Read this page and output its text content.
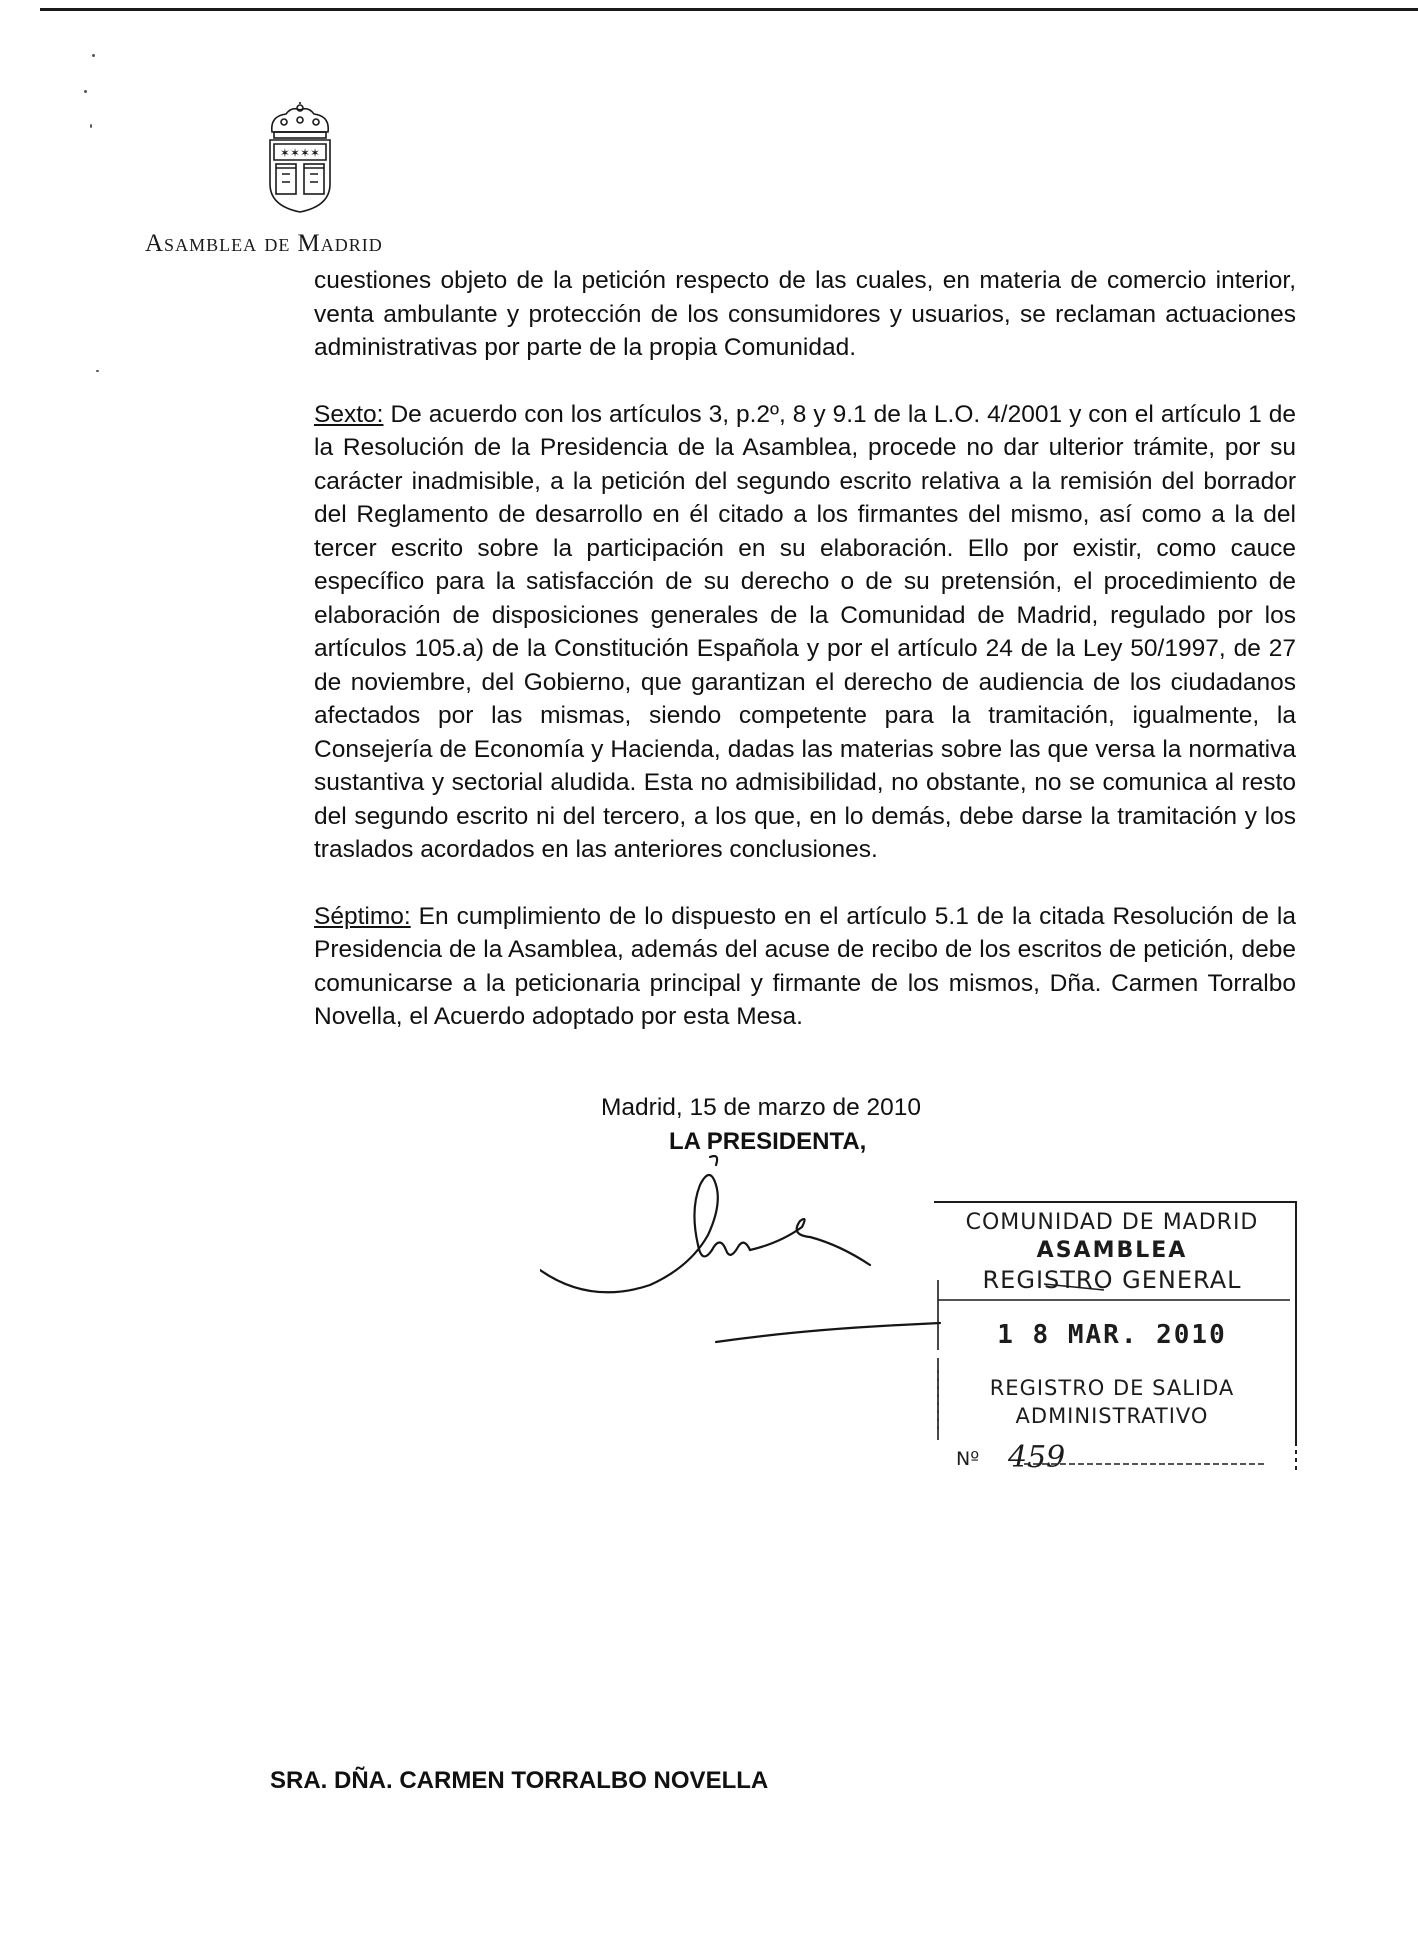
✶✶✶✶
Asamblea de Madrid

cuestiones objeto de la petición respecto de las cuales, en materia de comercio interior, venta ambulante y protección de los consumidores y usuarios, se reclaman actuaciones administrativas por parte de la propia Comunidad.

Sexto: De acuerdo con los artículos 3, p.2º, 8 y 9.1 de la L.O. 4/2001 y con el artículo 1 de la Resolución de la Presidencia de la Asamblea, procede no dar ulterior trámite, por su carácter inadmisible, a la petición del segundo escrito relativa a la remisión del borrador del Reglamento de desarrollo en él citado a los firmantes del mismo, así como a la del tercer escrito sobre la participación en su elaboración. Ello por existir, como cauce específico para la satisfacción de su derecho o de su pretensión, el procedimiento de elaboración de disposiciones generales de la Comunidad de Madrid, regulado por los artículos 105.a) de la Constitución Española y por el artículo 24 de la Ley 50/1997, de 27 de noviembre, del Gobierno, que garantizan el derecho de audiencia de los ciudadanos afectados por las mismas, siendo competente para la tramitación, igualmente, la Consejería de Economía y Hacienda, dadas las materias sobre las que versa la normativa sustantiva y sectorial aludida. Esta no admisibilidad, no obstante, no se comunica al resto del segundo escrito ni del tercero, a los que, en lo demás, debe darse la tramitación y los traslados acordados en las anteriores conclusiones.

Séptimo: En cumplimiento de lo dispuesto en el artículo 5.1 de la citada Resolución de la Presidencia de la Asamblea, además del acuse de recibo de los escritos de petición, debe comunicarse a la peticionaria principal y firmante de los mismos, Dña. Carmen Torralbo Novella, el Acuerdo adoptado por esta Mesa.

Madrid, 15 de marzo de 2010
LA PRESIDENTA,
COMUNIDAD DE MADRID
ASAMBLEA
REGISTRO GENERAL
1 8 MAR. 2010
REGISTRO DE SALIDA
ADMINISTRATIVO
Nº 459
SRA. DÑA. CARMEN TORRALBO NOVELLA
